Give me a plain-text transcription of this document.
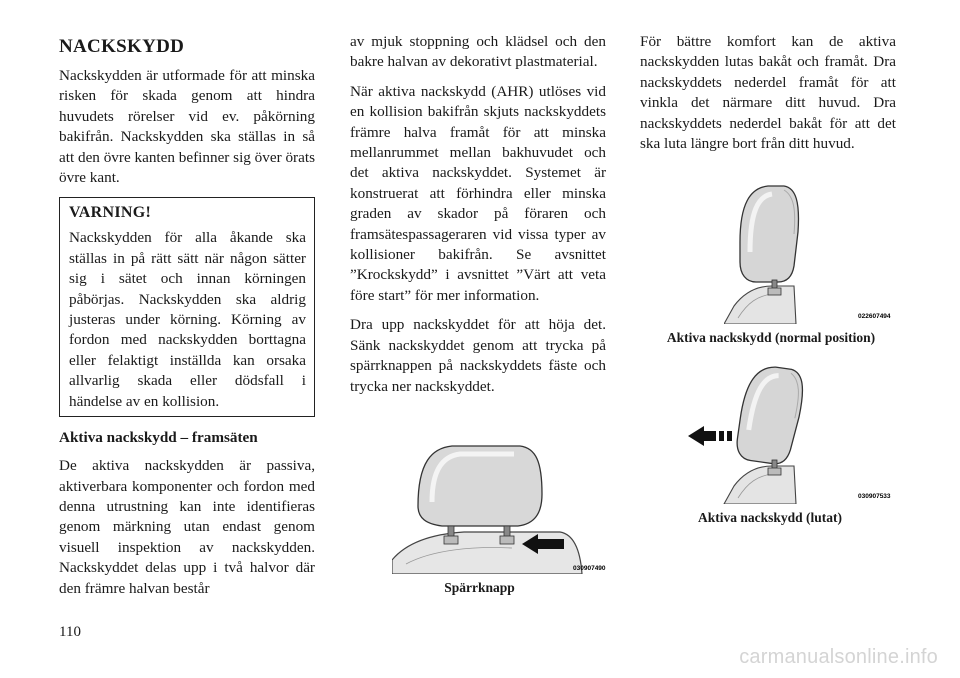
NACKSKYDD

Nackskydden är utformade för att minska risken för skada genom att hindra huvudets rörelser vid ev. påkörning bakifrån. Nackskydden ska ställas in så att den övre kanten befinner sig över örats övre kant.

VARNING!

Nackskydden för alla åkande ska ställas in på rätt sätt när någon sätter sig i sätet och innan körningen påbörjas. Nackskydden ska aldrig justeras under körning. Körning av fordon med nackskydden borttagna eller felaktigt inställda kan orsaka allvarlig skada eller dödsfall i händelse av en kollision.

Aktiva nackskydd – framsäten

De aktiva nackskydden är passiva, aktiverbara komponenter och fordon med denna utrustning kan inte identifieras genom märkning utan endast genom visuell inspektion av nackskydden. Nackskyddet delas upp i två halvor där den främre halvan består

av mjuk stoppning och klädsel och den bakre halvan av dekorativt plastmaterial.

När aktiva nackskydd (AHR) utlöses vid en kollision bakifrån skjuts nackskyddets främre halva framåt för att minska mellanrummet mellan bakhuvudet och det aktiva nackskyddet. Systemet är konstruerat att förhindra eller minska graden av skador på föraren och framsätespassageraren vid vissa typer av kollisioner bakifrån. Se avsnittet ”Krockskydd” i avsnittet ”Värt att veta före start” för mer information.

Dra upp nackskyddet för att höja det. Sänk nackskyddet genom att trycka på spärrknappen på nackskyddets fäste och trycka ner nackskyddet.

030907490
Spärrknapp

För bättre komfort kan de aktiva nackskydden lutas bakåt och framåt. Dra nackskyddets nederdel framåt för att vinkla det närmare ditt huvud. Dra nackskyddets nederdel bakåt för att det ska luta längre bort från ditt huvud.

022607494
Aktiva nackskydd (normal position)
030907533
Aktiva nackskydd (lutat)
110
carmanualsonline.info
